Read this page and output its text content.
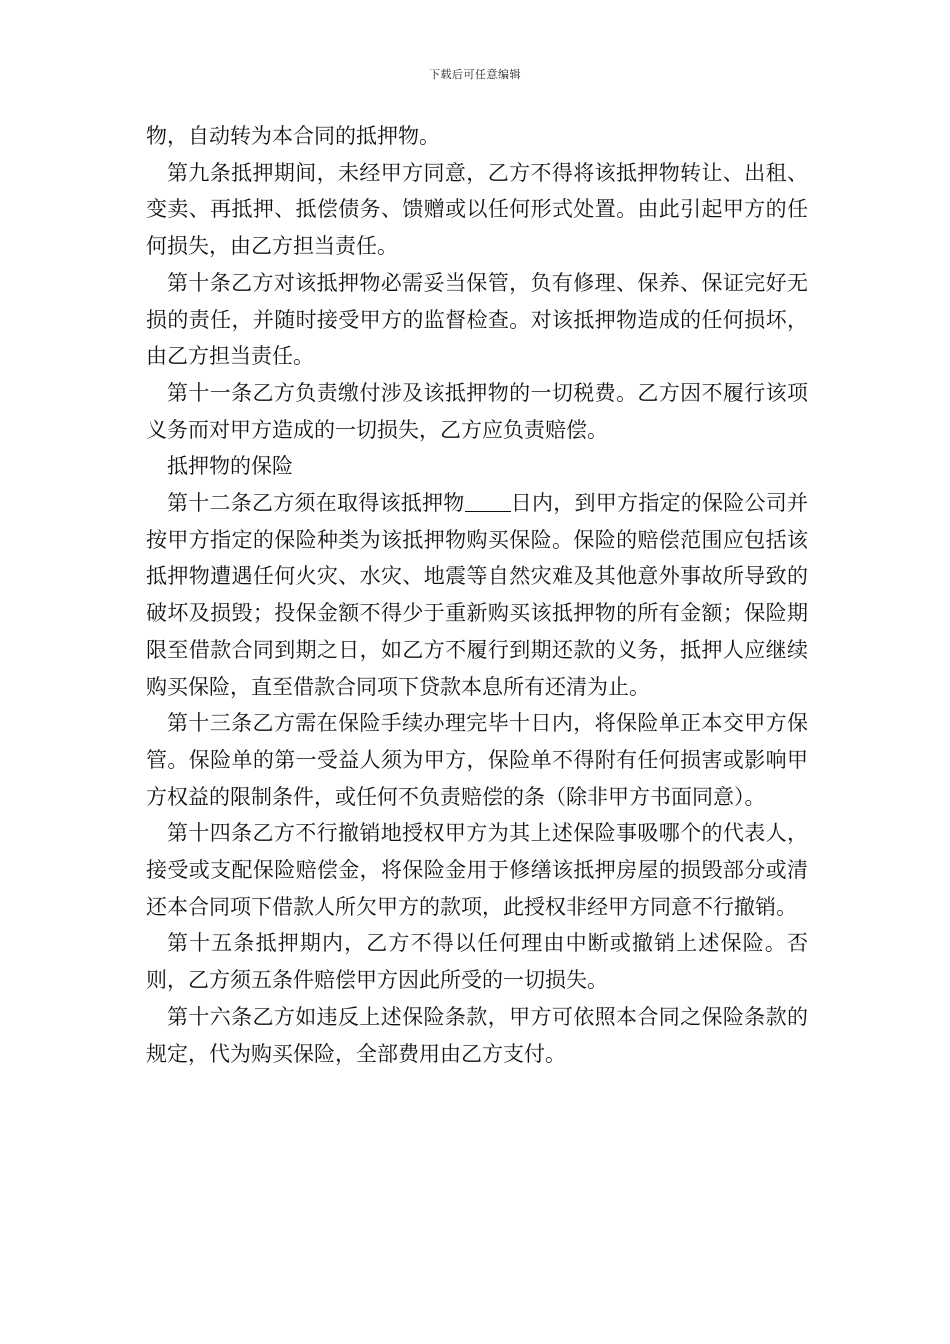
下载后可任意编辑

物，自动转为本合同的抵押物。

第九条抵押期间，未经甲方同意，乙方不得将该抵押物转让、出租、变卖、再抵押、抵偿债务、馈赠或以任何形式处置。由此引起甲方的任何损失，由乙方担当责任。

第十条乙方对该抵押物必需妥当保管，负有修理、保养、保证完好无损的责任，并随时接受甲方的监督检查。对该抵押物造成的任何损坏，由乙方担当责任。

第十一条乙方负责缴付涉及该抵押物的一切税费。乙方因不履行该项义务而对甲方造成的一切损失，乙方应负责赔偿。

抵押物的保险

第十二条乙方须在取得该抵押物 日内，到甲方指定的保险公司并按甲方指定的保险种类为该抵押物购买保险。保险的赔偿范围应包括该抵押物遭遇任何火灾、水灾、地震等自然灾难及其他意外事故所导致的破坏及损毁；投保金额不得少于重新购买该抵押物的所有金额；保险期限至借款合同到期之日，如乙方不履行到期还款的义务，抵押人应继续购买保险，直至借款合同项下贷款本息所有还清为止。

第十三条乙方需在保险手续办理完毕十日内，将保险单正本交甲方保管。保险单的第一受益人须为甲方，保险单不得附有任何损害或影响甲方权益的限制条件，或任何不负责赔偿的条（除非甲方书面同意）。

第十四条乙方不行撤销地授权甲方为其上述保险事吸哪个的代表人，接受或支配保险赔偿金，将保险金用于修缮该抵押房屋的损毁部分或清还本合同项下借款人所欠甲方的款项，此授权非经甲方同意不行撤销。

第十五条抵押期内，乙方不得以任何理由中断或撤销上述保险。否则，乙方须五条件赔偿甲方因此所受的一切损失。

第十六条乙方如违反上述保险条款，甲方可依照本合同之保险条款的规定，代为购买保险，全部费用由乙方支付。
